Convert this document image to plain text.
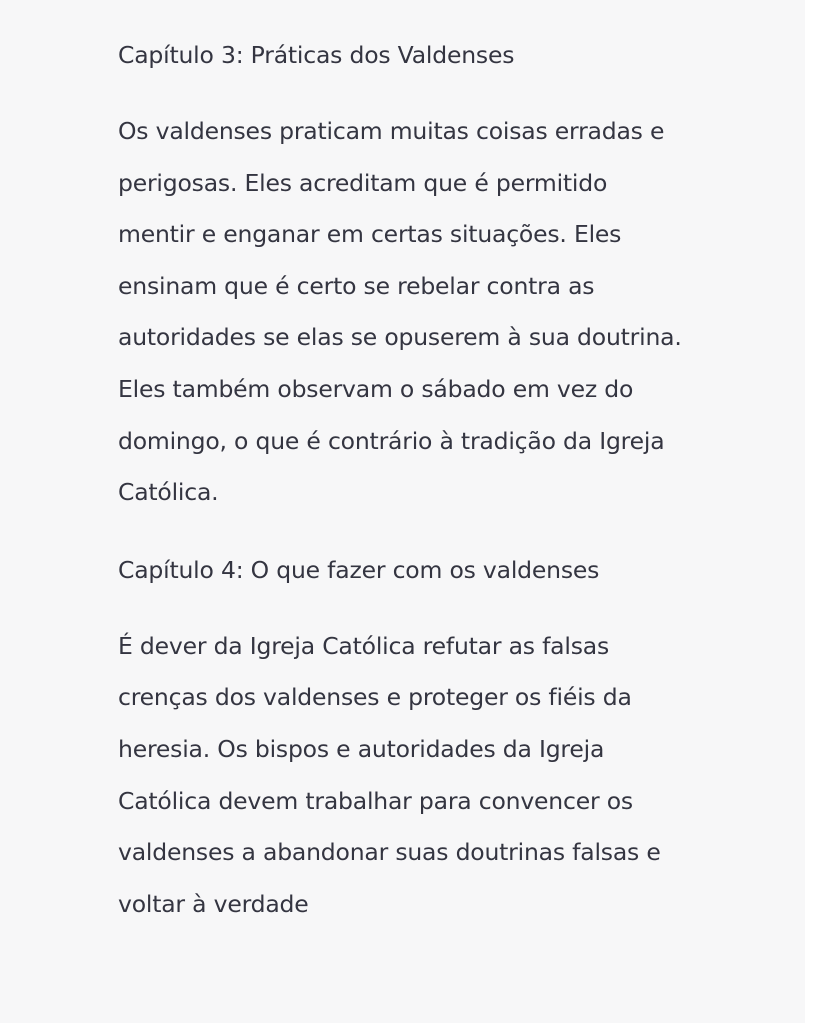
Capítulo 3: Práticas dos Valdenses

Os valdenses praticam muitas coisas erradas e
perigosas. Eles acreditam que é permitido
mentir e enganar em certas situações. Eles
ensinam que é certo se rebelar contra as
autoridades se elas se opuserem à sua doutrina.
Eles também observam o sábado em vez do
domingo, o que é contrário à tradição da Igreja
Católica.

Capítulo 4: O que fazer com os valdenses

É dever da Igreja Católica refutar as falsas
crenças dos valdenses e proteger os fiéis da
heresia. Os bispos e autoridades da Igreja
Católica devem trabalhar para convencer os
valdenses a abandonar suas doutrinas falsas e
voltar à verdade
